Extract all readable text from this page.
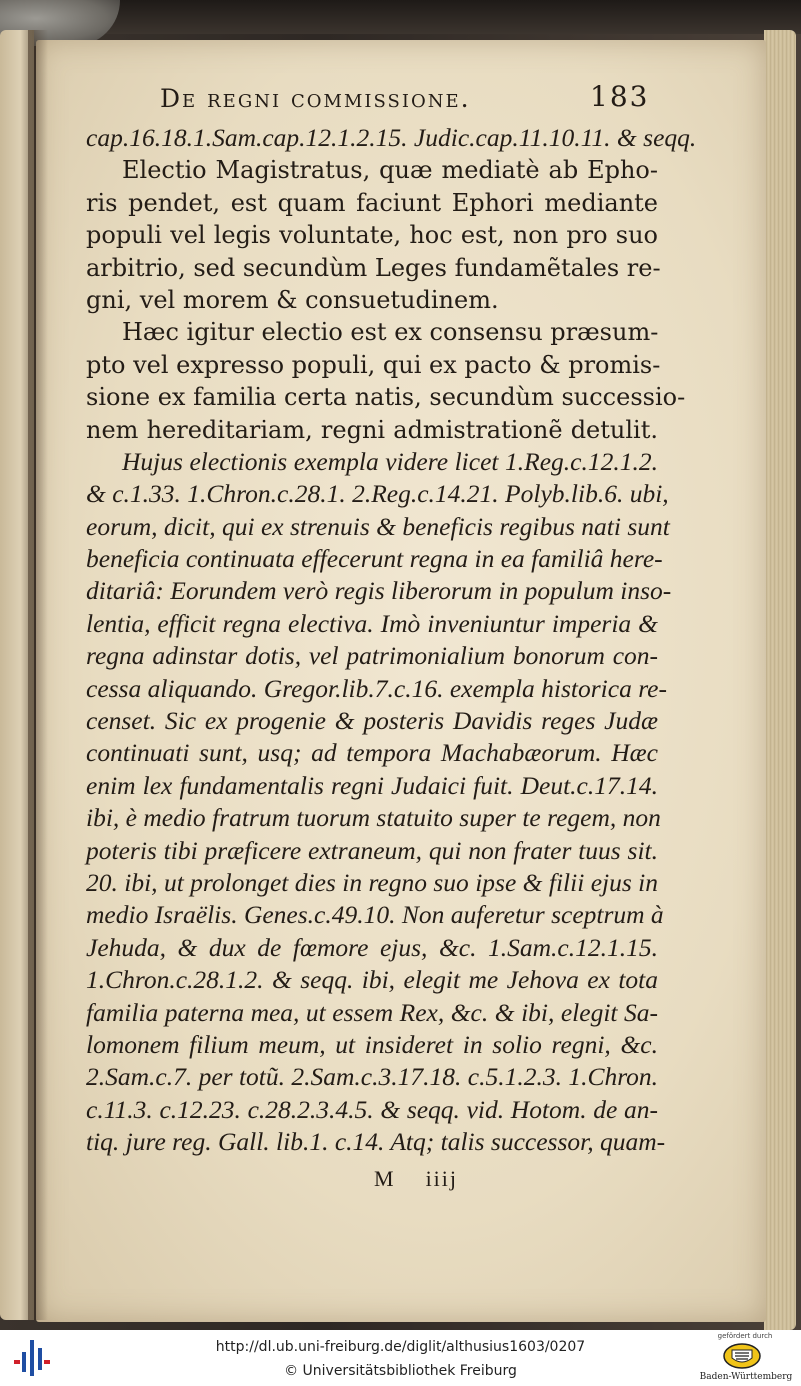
De regni commissione.	183
cap.16.18.1.Sam.cap.12.1.2.15. Judic.cap.11.10.11. & seqq.
Electio Magistratus, quæ mediatè ab Epho-
ris pendet, est quam faciunt Ephori mediante
populi vel legis voluntate, hoc est, non pro suo
arbitrio, sed secundùm Leges fundamẽtales re-
gni, vel morem & consuetudinem.
Hæc igitur electio est ex consensu præsum-
pto vel expresso populi, qui ex pacto & promis-
sione ex familia certa natis, secundùm successio-
nem hereditariam, regni admistrationẽ detulit.
Hujus electionis exempla videre licet 1.Reg.c.12.1.2.
& c.1.33. 1.Chron.c.28.1. 2.Reg.c.14.21. Polyb.lib.6. ubi,
eorum, dicit, qui ex strenuis & beneficis regibus nati sunt
beneficia continuata effecerunt regna in ea familiâ here-
ditariâ: Eorundem verò regis liberorum in populum inso-
lentia, efficit regna electiva. Imò inveniuntur imperia &
regna adinstar dotis, vel patrimonialium bonorum con-
cessa aliquando. Gregor.lib.7.c.16. exempla historica re-
censet. Sic ex progenie & posteris Davidis reges Judæ
continuati sunt, usq; ad tempora Machabæorum. Hæc
enim lex fundamentalis regni Judaici fuit. Deut.c.17.14.
ibi, è medio fratrum tuorum statuito super te regem, non
poteris tibi præficere extraneum, qui non frater tuus sit.
20. ibi, ut prolonget dies in regno suo ipse & filii ejus in
medio Israëlis. Genes.c.49.10. Non auferetur sceptrum à
Jehuda, & dux de fœmore ejus, &c. 1.Sam.c.12.1.15.
1.Chron.c.28.1.2. & seqq. ibi, elegit me Jehova ex tota
familia paterna mea, ut essem Rex, &c. & ibi, elegit Sa-
lomonem filium meum, ut insideret in solio regni, &c.
2.Sam.c.7. per totũ. 2.Sam.c.3.17.18. c.5.1.2.3. 1.Chron.
c.11.3. c.12.23. c.28.2.3.4.5. & seqq. vid. Hotom. de an-
tiq. jure reg. Gall. lib.1. c.14. Atq; talis successor, quam-
M iiij
http://dl.ub.uni-freiburg.de/diglit/althusius1603/0207
© Universitätsbibliothek Freiburg
gefördert durch
Baden-Württemberg
